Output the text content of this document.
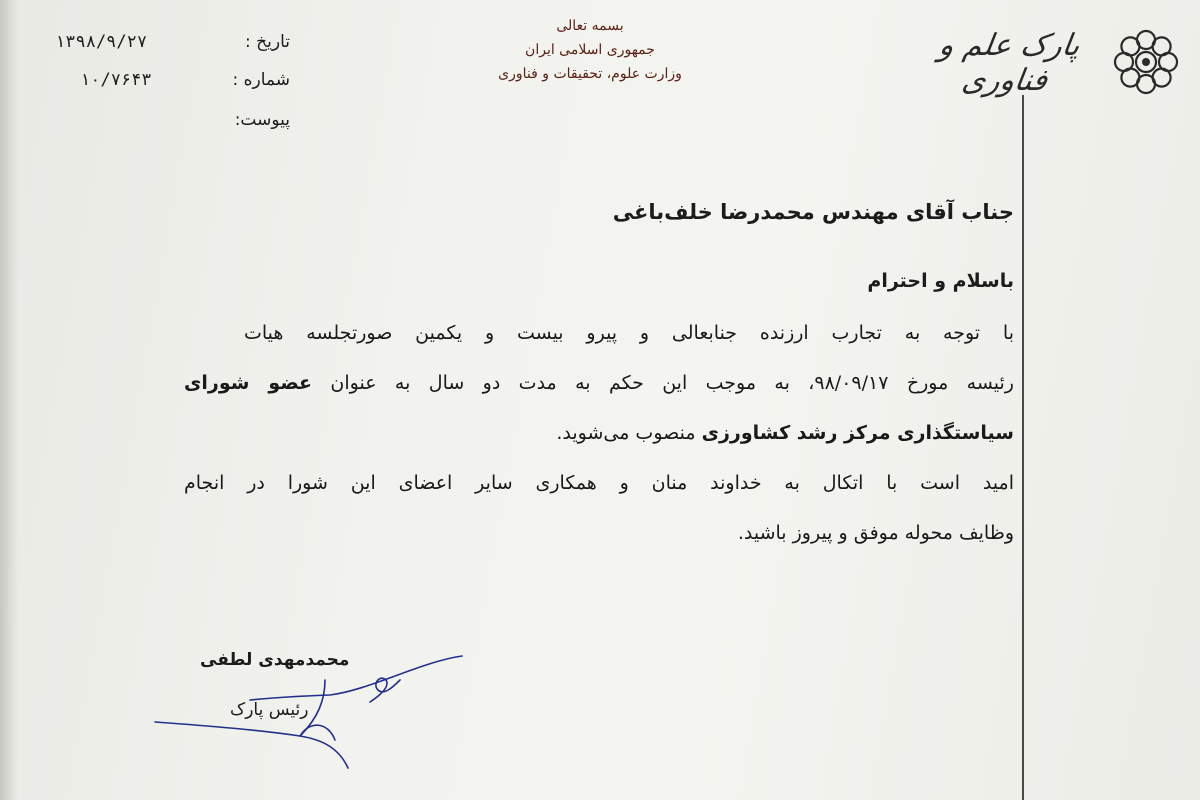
پارک علم و فناوری
بسمه تعالی
جمهوری اسلامی ایران
وزارت علوم، تحقیقات و فناوری
تاریخ :
۱۳۹۸/۹/۲۷
شماره :
۱۰/۷۶۴۳
پیوست:
جناب آقای مهندس محمدرضا خلف‌باغی
باسلام و احترام
با توجه به تجارب ارزنده جنابعالی و پیرو بیست و یکمین صورتجلسه هیات
رئیسه مورخ ۹۸/۰۹/۱۷، به موجب این حکم به مدت دو سال به عنوان عضو شورای
سیاستگذاری مرکز رشد کشاورزی منصوب می‌شوید.
امید است با اتکال به خداوند منان و همکاری سایر اعضای این شورا در انجام
وظایف محوله موفق و پیروز باشید.
محمدمهدی لطفی
رئیس پارک
